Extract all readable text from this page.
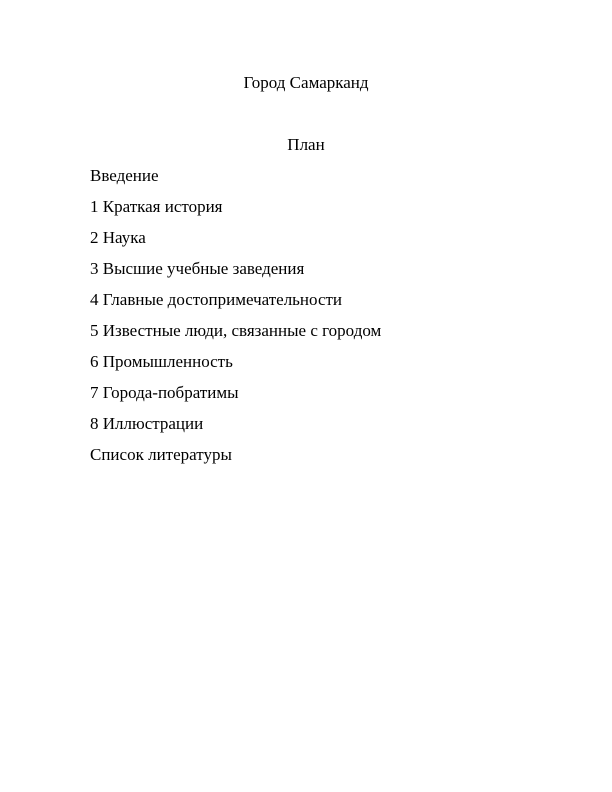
Город Самарканд
План
Введение
1 Краткая история
2 Наука
3 Высшие учебные заведения
4 Главные достопримечательности
5 Известные люди, связанные с городом
6 Промышленность
7 Города-побратимы
8 Иллюстрации
Список литературы
